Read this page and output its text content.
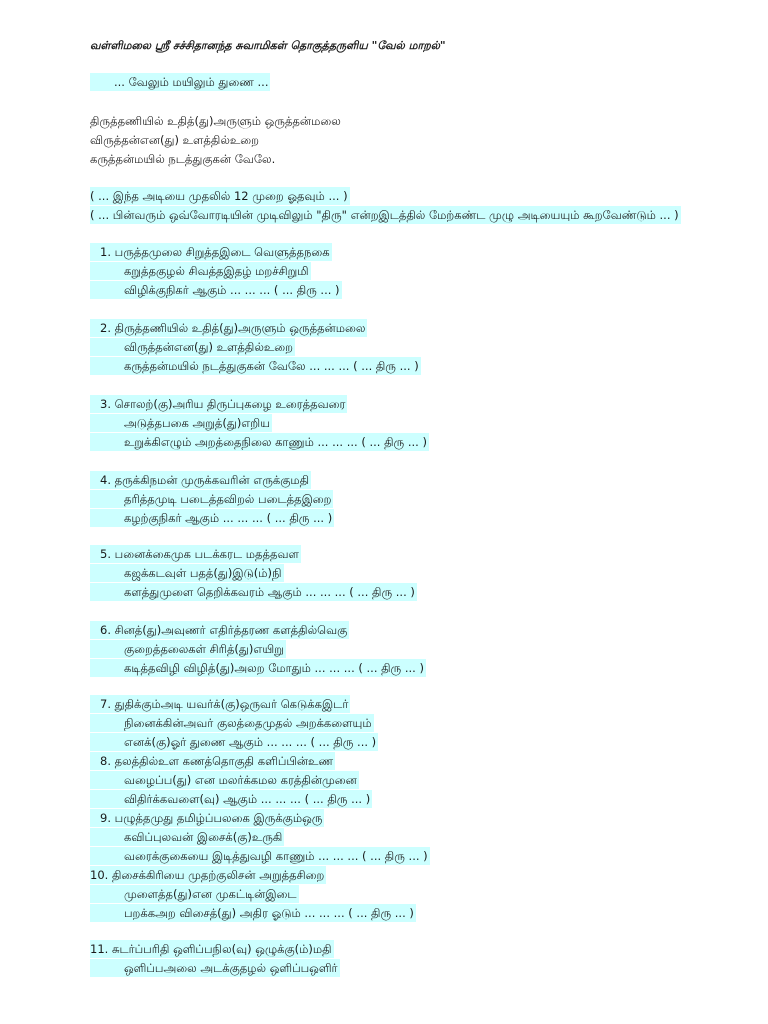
வள்ளிமலை ஸ்ரீ சச்சிதானந்த சுவாமிகள் தொகுத்தருளிய "வேல் மாறல்"
... வேலும் மயிலும் துணை ...
திருத்தணியில் உதித்(து)அருளும் ஒருத்தன்மலை
விருத்தன்என(து) உளத்தில்உறை
கருத்தன்மயில் நடத்துகுகன் வேலே.
( ... இந்த அடியை முதலில் 12 முறை ஓதவும் ... )
( ... பின்வரும் ஒவ்வோரடியின் முடிவிலும் "திரு" என்றஇடத்தில் மேற்கண்ட முழு அடியையும் கூறவேண்டும் ... )
1. பருத்தமுலை சிறுத்தஇடை வெளுத்தநகை
கறுத்தகுழல் சிவத்தஇதழ் மறச்சிறுமி
விழிக்குநிகர் ஆகும் ... ... ... ( ... திரு ... )
2. திருத்தணியில் உதித்(து)அருளும் ஒருத்தன்மலை
விருத்தன்என(து) உளத்தில்உறை
கருத்தன்மயில் நடத்துகுகன் வேலே ... ... ... ( ... திரு ... )
3. சொலற்(கு)அரிய திருப்புகழை உரைத்தவரை
அடுத்தபகை அறுத்(து)எறிய
உறுக்கிஎழும் அறத்தைநிலை காணும் ... ... ... ( ... திரு ... )
4. தருக்கிநமன் முருக்கவரின் எருக்குமதி
தரித்தமுடி படைத்தவிறல் படைத்தஇறை
கழற்குநிகர் ஆகும் ... ... ... ( ... திரு ... )
5. பனைக்கைமுக படக்கரட மதத்தவள
கஜக்கடவுள் பதத்(து)இடு(ம்)நி
களத்துமுளை தெறிக்கவரம் ஆகும் ... ... ... ( ... திரு ... )
6. சினத்(து)அவுணர் எதிர்த்தரண களத்தில்வெகு
குறைத்தலைகள் சிரித்(து)எயிறு
கடித்தவிழி விழித்(து)அலற மோதும் ... ... ... ( ... திரு ... )
7. துதிக்கும்அடி யவர்க்(கு)ஒருவர் கெடுக்கஇடர்
நினைக்கின்அவர் குலத்தைமுதல் அறக்களையும்
எனக்(கு)ஓர் துணை ஆகும் ... ... ... ( ... திரு ... )
8. தலத்தில்உள கணத்தொகுதி களிப்பின்உண
வழைப்ப(து) என மலர்க்கமல கரத்தின்முனை
விதிர்க்கவளை(வு) ஆகும் ... ... ... ( ... திரு ... )
9. பழுத்தமுது தமிழ்ப்பலகை இருக்கும்ஒரு
கவிப்புலவன் இசைக்(கு)உருகி
வரைக்குகையை இடித்துவழி காணும் ... ... ... ( ... திரு ... )
10. திசைக்கிரியை முதற்குலிசன் அறுத்தசிறை
முளைத்த(து)என முகட்டின்இடை
பறக்கஅற விசைத்(து) அதிர ஓடும் ... ... ... ( ... திரு ... )
11. சுடர்ப்பரிதி ஒளிப்பநில(வு) ஒழுக்கு(ம்)மதி
ஒளிப்பஅலை அடக்குதழல் ஒளிப்பஒளிர்
